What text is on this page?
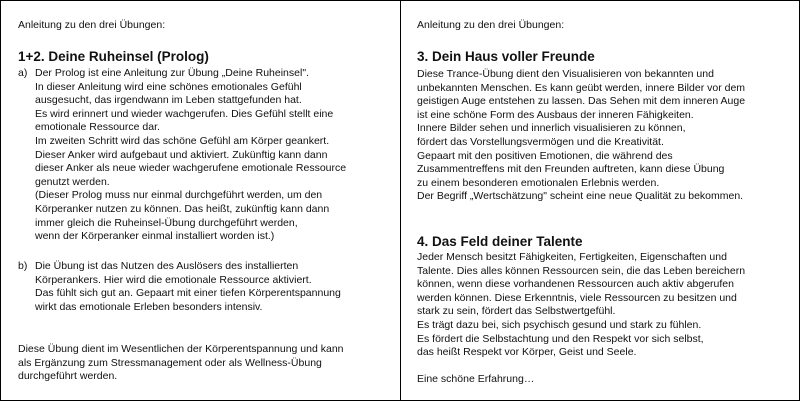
Anleitung zu den drei Übungen:
1+2. Deine Ruheinsel (Prolog)
a) Der Prolog ist eine Anleitung zur Übung „Deine Ruheinsel".
In dieser Anleitung wird eine schönes emotionales Gefühl
ausgesucht, das irgendwann im Leben stattgefunden hat.
Es wird erinnert und wieder wachgerufen. Dies Gefühl stellt eine
emotionale Ressource dar.
Im zweiten Schritt wird das schöne Gefühl am Körper geankert.
Dieser Anker wird aufgebaut und aktiviert. Zukünftig kann dann
dieser Anker als neue wieder wachgerufene emotionale Ressource
genutzt werden.
(Dieser Prolog muss nur einmal durchgeführt werden, um den
Körperanker nutzen zu können. Das heißt, zukünftig kann dann
immer gleich die Ruheinsel-Übung durchgeführt werden,
wenn der Körperanker einmal installiert worden ist.)
b) Die Übung ist das Nutzen des Auslösers des installierten
Körperankers. Hier wird die emotionale Ressource aktiviert.
Das fühlt sich gut an. Gepaart mit einer tiefen Körperentspannung
wirkt das emotionale Erleben besonders intensiv.
Diese Übung dient im Wesentlichen der Körperentspannung und kann
als Ergänzung zum Stressmanagement oder als Wellness-Übung
durchgeführt werden.
Anleitung zu den drei Übungen:
3. Dein Haus voller Freunde
Diese Trance-Übung dient den Visualisieren von bekannten und
unbekannten Menschen. Es kann geübt werden, innere Bilder vor dem
geistigen Auge entstehen zu lassen. Das Sehen mit dem inneren Auge
ist eine schöne Form des Ausbaus der inneren Fähigkeiten.
Innere Bilder sehen und innerlich visualisieren zu können,
fördert das Vorstellungsvermögen und die Kreativität.
Gepaart mit den positiven Emotionen, die während des
Zusammentreffens mit den Freunden auftreten, kann diese Übung
zu einem besonderen emotionalen Erlebnis werden.
Der Begriff „Wertschätzung" scheint eine neue Qualität zu bekommen.
4. Das Feld deiner Talente
Jeder Mensch besitzt Fähigkeiten, Fertigkeiten, Eigenschaften und
Talente. Dies alles können Ressourcen sein, die das Leben bereichern
können, wenn diese vorhandenen Ressourcen auch aktiv abgerufen
werden können. Diese Erkenntnis, viele Ressourcen zu besitzen und
stark zu sein, fördert das Selbstwertgefühl.
Es trägt dazu bei, sich psychisch gesund und stark zu fühlen.
Es fördert die Selbstachtung und den Respekt vor sich selbst,
das heißt Respekt vor Körper, Geist und Seele.
Eine schöne Erfahrung…
